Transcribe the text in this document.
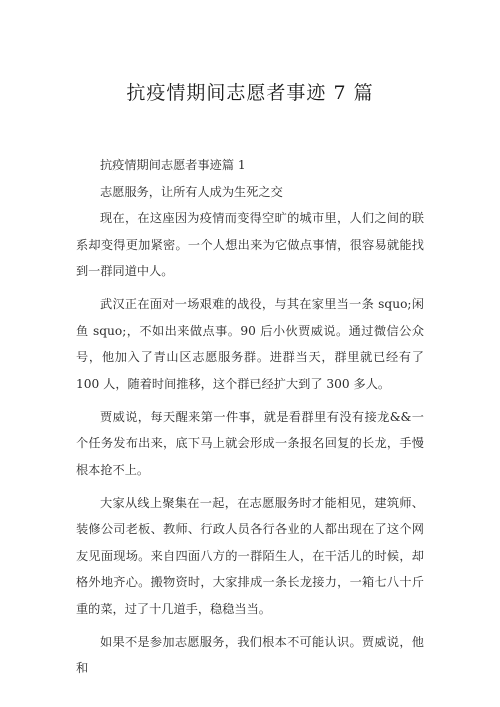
抗疫情期间志愿者事迹 7 篇

抗疫情期间志愿者事迹篇 1

志愿服务，让所有人成为生死之交

现在，在这座因为疫情而变得空旷的城市里，人们之间的联系却变得更加紧密。一个人想出来为它做点事情，很容易就能找到一群同道中人。

武汉正在面对一场艰难的战役，与其在家里当一条 squo;闲鱼 squo;，不如出来做点事。90 后小伙贾威说。通过微信公众号，他加入了青山区志愿服务群。进群当天，群里就已经有了 100 人，随着时间推移，这个群已经扩大到了 300 多人。

贾威说，每天醒来第一件事，就是看群里有没有接龙&&一个任务发布出来，底下马上就会形成一条报名回复的长龙，手慢根本抢不上。

大家从线上聚集在一起，在志愿服务时才能相见，建筑师、装修公司老板、教师、行政人员各行各业的人都出现在了这个网友见面现场。来自四面八方的一群陌生人，在干活儿的时候，却格外地齐心。搬物资时，大家排成一条长龙接力，一箱七八十斤重的菜，过了十几道手，稳稳当当。

如果不是参加志愿服务，我们根本不可能认识。贾威说，他和
